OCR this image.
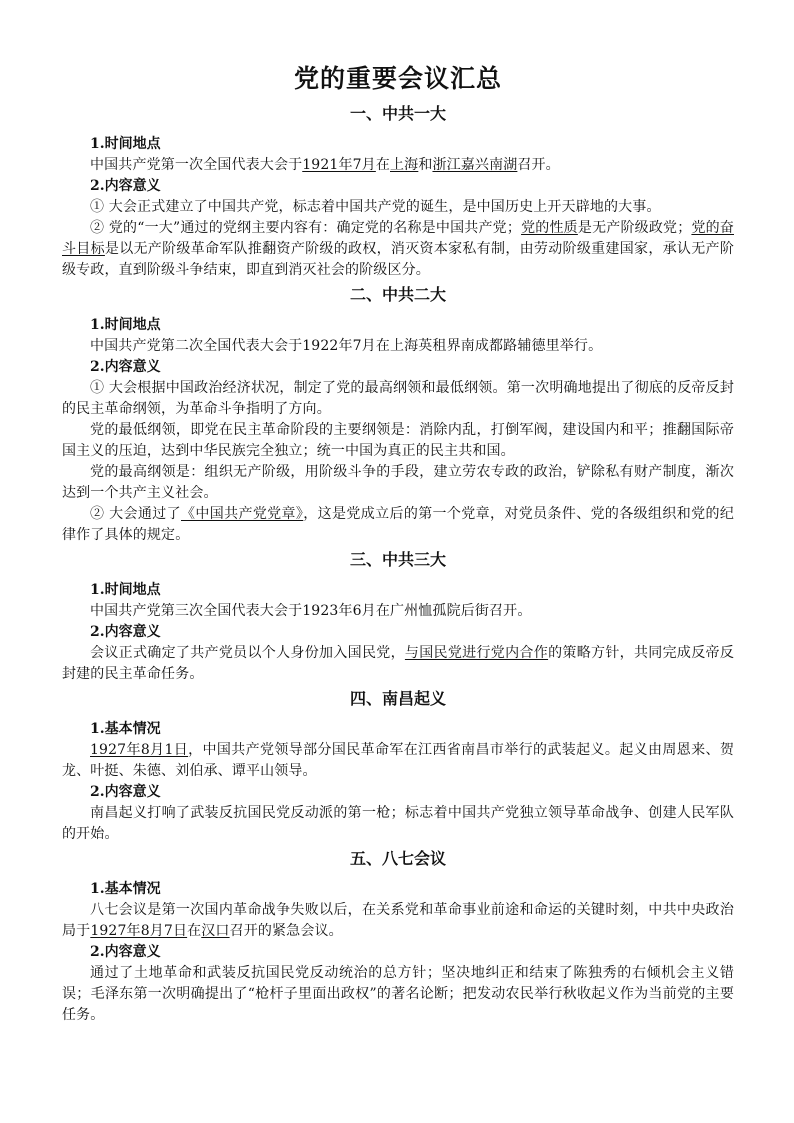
党的重要会议汇总
一、中共一大
1.时间地点

中国共产党第一次全国代表大会于1921年7月在上海和浙江嘉兴南湖召开。

2.内容意义

① 大会正式建立了中国共产党，标志着中国共产党的诞生，是中国历史上开天辟地的大事。

② 党的“一大”通过的党纲主要内容有：确定党的名称是中国共产党；党的性质是无产阶级政党；党的奋斗目标是以无产阶级革命军队推翻资产阶级的政权，消灭资本家私有制，由劳动阶级重建国家，承认无产阶级专政，直到阶级斗争结束，即直到消灭社会的阶级区分。

二、中共二大
1.时间地点

中国共产党第二次全国代表大会于1922年7月在上海英租界南成都路辅德里举行。

2.内容意义

① 大会根据中国政治经济状况，制定了党的最高纲领和最低纲领。第一次明确地提出了彻底的反帝反封的民主革命纲领，为革命斗争指明了方向。

党的最低纲领，即党在民主革命阶段的主要纲领是：消除内乱，打倒军阀，建设国内和平；推翻国际帝国主义的压迫，达到中华民族完全独立；统一中国为真正的民主共和国。

党的最高纲领是：组织无产阶级，用阶级斗争的手段，建立劳农专政的政治，铲除私有财产制度，渐次达到一个共产主义社会。

② 大会通过了《中国共产党党章》，这是党成立后的第一个党章，对党员条件、党的各级组织和党的纪律作了具体的规定。

三、中共三大
1.时间地点

中国共产党第三次全国代表大会于1923年6月在广州恤孤院后街召开。

2.内容意义

会议正式确定了共产党员以个人身份加入国民党，与国民党进行党内合作的策略方针，共同完成反帝反封建的民主革命任务。

四、南昌起义
1.基本情况

1927年8月1日，中国共产党领导部分国民革命军在江西省南昌市举行的武装起义。起义由周恩来、贺龙、叶挺、朱德、刘伯承、谭平山领导。

2.内容意义

南昌起义打响了武装反抗国民党反动派的第一枪；标志着中国共产党独立领导革命战争、创建人民军队的开始。

五、八七会议
1.基本情况

八七会议是第一次国内革命战争失败以后，在关系党和革命事业前途和命运的关键时刻，中共中央政治局于1927年8月7日在汉口召开的紧急会议。

2.内容意义

通过了土地革命和武装反抗国民党反动统治的总方针；坚决地纠正和结束了陈独秀的右倾机会主义错误；毛泽东第一次明确提出了“枪杆子里面出政权”的著名论断；把发动农民举行秋收起义作为当前党的主要任务。
